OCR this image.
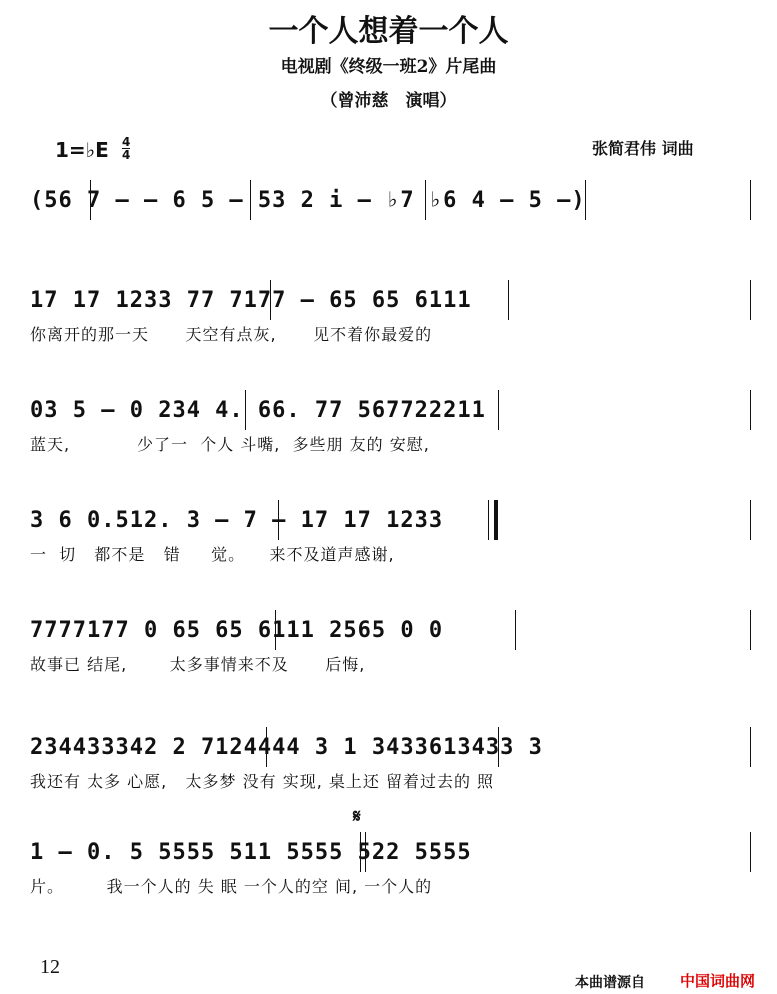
一个人想着一个人
电视剧《终级一班2》片尾曲
（曾沛慈　演唱）
1=♭E 4
4	张简君伟 词曲
(56 7 – – 6 5 – 53 2 i – ♭7 ♭6 4 – 5 –)
17 17 1233 77 7177 – 65 65 6111
你离开的那一天      天空有点灰,      见不着你最爱的
03 5 – 0 234 4. 66. 77 567722211
蓝天,           少了一  个人 斗嘴,  多些朋 友的 安慰,
3 6 0.512. 3 – 7 – 17 17 1233
一  切   都不是   错     觉。    来不及道声感谢,
7777177 0 65 65 6111 2565 0 0
故事已 结尾,       太多事情来不及      后悔,
234433342 2 7124444 3 1 3433613433 3
我还有 太多 心愿,   太多梦 没有 实现, 桌上还 留着过去的 照
𝄋
1 – 0. 5 5555 511 5555 522 5555
片。       我一个人的 失 眠 一个人的空 间, 一个人的
12
本曲谱源自 中国词曲网
